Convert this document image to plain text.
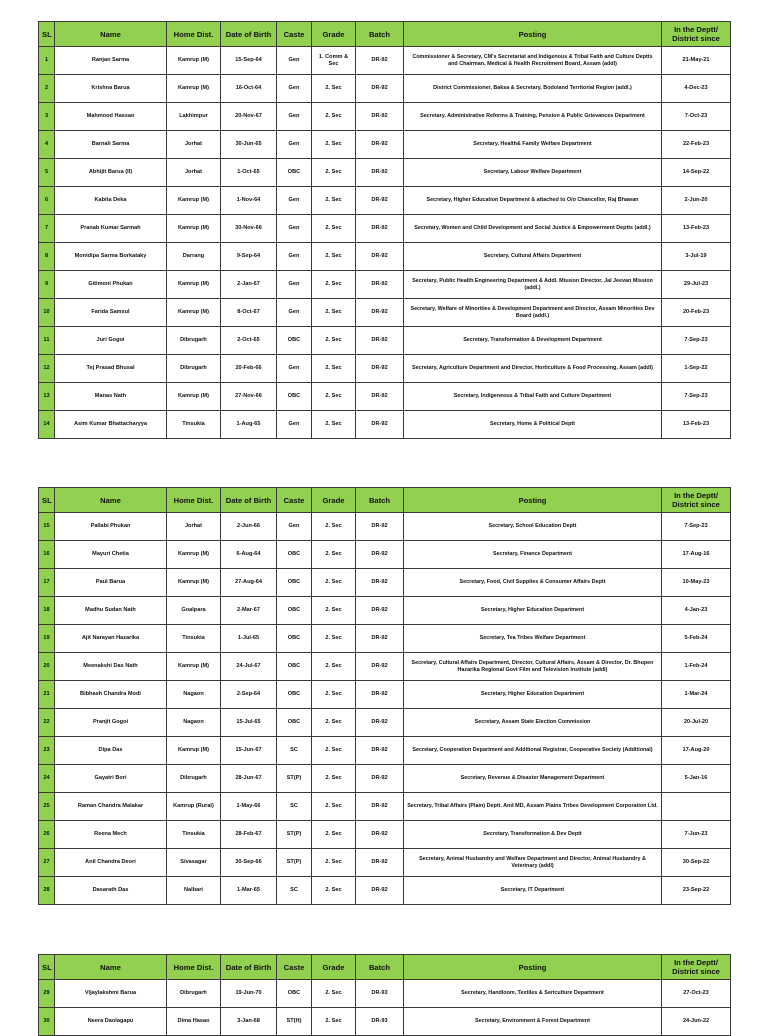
SL	Name	Home Dist.	Date of Birth	Caste	Grade	Batch	Posting	In the Deptt/ District since
1	Ranjan Sarma	Kamrup (M)	15-Sep-64	Gen	1. Comm & Sec	DR-92	Commissioner & Secretary, CM's Secretariat and Indigenous & Tribal Faith and Culture Deptts and Chairman, Medical & Health Recruitment Board, Assam (addl)	21-May-21
2	Krishna Barua	Kamrup (M)	16-Oct-64	Gen	2. Sec	DR-92	District Commissioner, Baksa & Secretary, Bodoland Territorial Region (addl.)	4-Dec-23
3	Mahmood Hassan	Lakhimpur	20-Nov-67	Gen	2. Sec	DR-92	Secretary, Administrative Reforms & Training, Pension & Public Grievances Department	7-Oct-23
4	Barnali Sarma	Jorhat	30-Jun-65	Gen	2. Sec	DR-92	Secretary, Health& Family Welfare Department	22-Feb-23
5	Abhijit Barua (II)	Jorhat	1-Oct-65	OBC	2. Sec	DR-92	Secretary, Labour Welfare Department	14-Sep-22
6	Kabita Deka	Kamrup (M)	1-Nov-64	Gen	2. Sec	DR-92	Secretary, Higher Education Department & attached to O/o Chancellor, Raj Bhawan	2-Jun-20
7	Pranab Kumar Sarmah	Kamrup (M)	30-Nov-66	Gen	2. Sec	DR-92	Secretary, Women and Child Development and Social Justice & Empowerment Deptts (addl.)	13-Feb-23
8	Monidipa Sarma Borkataky	Darrang	9-Sep-64	Gen	2. Sec	DR-92	Secretary, Cultural Affairs Department	3-Jul-19
9	Gitimoni Phukan	Kamrup (M)	2-Jan-67	Gen	2. Sec	DR-92	Secretary, Public Health Engineering Department & Addl. Mission Director, Jal Jeevan Mission (addl.)	29-Jul-23
10	Farida Samsul	Kamrup (M)	8-Oct-67	Gen	2. Sec	DR-92	Secretary, Welfare of Minorities & Development Department and Director, Assam Minorities Dev Board (addl.)	20-Feb-23
11	Juri Gogoi	Dibrugarh	2-Oct-65	OBC	2. Sec	DR-92	Secretary, Transformation & Development Department	7-Sep-23
12	Tej Prasad Bhusal	Dibrugarh	20-Feb-66	Gen	2. Sec	DR-92	Secretary, Agriculture Department and Director, Horticulture & Food Processing, Assam (addl)	1-Sep-22
13	Manas Nath	Kamrup (M)	27-Nov-66	OBC	2. Sec	DR-92	Secretary, Indigeneous & Tribal Faith and Culture Department	7-Sep-23
14	Asim Kumar Bhattacharyya	Tinsukia	1-Aug-65	Gen	2. Sec	DR-92	Secretary, Home & Political Deptt	13-Feb-23
SL	Name	Home Dist.	Date of Birth	Caste	Grade	Batch	Posting	In the Deptt/ District since
15	Pallabi Phukan	Jorhat	2-Jun-66	Gen	2. Sec	DR-92	Secretary, School Education Deptt	7-Sep-23
16	Mayuri Chetia	Kamrup (M)	6-Aug-64	OBC	2. Sec	DR-92	Secretary, Finance Department	17-Aug-16
17	Paul Barua	Kamrup (M)	27-Aug-64	OBC	2. Sec	DR-92	Secretary, Food, Civil Supplies & Consumer Affairs Deptt	10-May-23
18	Madhu Sudan Nath	Goalpara	2-Mar-67	OBC	2. Sec	DR-92	Secretary, Higher Education Department	4-Jan-23
19	Ajit Narayan Hazarika	Tinsukia	1-Jul-65	OBC	2. Sec	DR-92	Secretary, Tea Tribes Welfare Department	5-Feb-24
20	Meenakshi Das Nath	Kamrup (M)	24-Jul-67	OBC	2. Sec	DR-92	Secretary, Cultural Affairs Department, Director, Cultural Affairs, Assam & Director, Dr. Bhupen Hazarika Regional Govt Film and Television Institute (addl)	1-Feb-24
21	Bibhash Chandra Modi	Nagaon	2-Sep-64	OBC	2. Sec	DR-92	Secretary, Higher Education Department	1-Mar-24
22	Pranjit Gogoi	Nagaon	15-Jul-65	OBC	2. Sec	DR-92	Secretary, Assam State Election Commission	20-Jul-20
23	Dipa Das	Kamrup (M)	15-Jun-67	SC	2. Sec	DR-92	Secretary, Cooperation Department and Additional Registrar, Cooperative Society (Additional)	17-Aug-20
24	Gayatri Bori	Dibrugarh	28-Jun-67	ST(P)	2. Sec	DR-92	Secretary, Revenue & Disaster Management Department	5-Jan-16
25	Raman Chandra Malakar	Kamrup (Rural)	1-May-66	SC	2. Sec	DR-92	Secretary, Tribal Affairs (Plain) Deptt. And MD, Assam Plains Tribes Development Corporation Ltd.	
26	Reena Mech	Tinsukia	28-Feb-67	ST(P)	2. Sec	DR-92	Secretary, Transformation & Dev Deptt	7-Jun-23
27	Anil Chandra Deori	Sivasagar	30-Sep-66	ST(P)	2. Sec	DR-92	Secretary, Animal Husbandry and Welfare Department and Director, Animal Husbandry & Veterinary (addl)	30-Sep-22
28	Dasarath Das	Nalbari	1-Mar-65	SC	2. Sec	DR-92	Secretary, IT Department	23-Sep-22
SL	Name	Home Dist.	Date of Birth	Caste	Grade	Batch	Posting	In the Deptt/ District since
29	Vijaylakshmi Barua	Dibrugarh	19-Jun-70	OBC	2. Sec	DR-93	Secretary, Handloom, Textiles & Sericulture Department	27-Oct-23
30	Neera Daolagapu	Dima Hasao	3-Jan-68	ST(H)	2. Sec	DR-93	Secretary, Environment & Forest Department	24-Jun-22
